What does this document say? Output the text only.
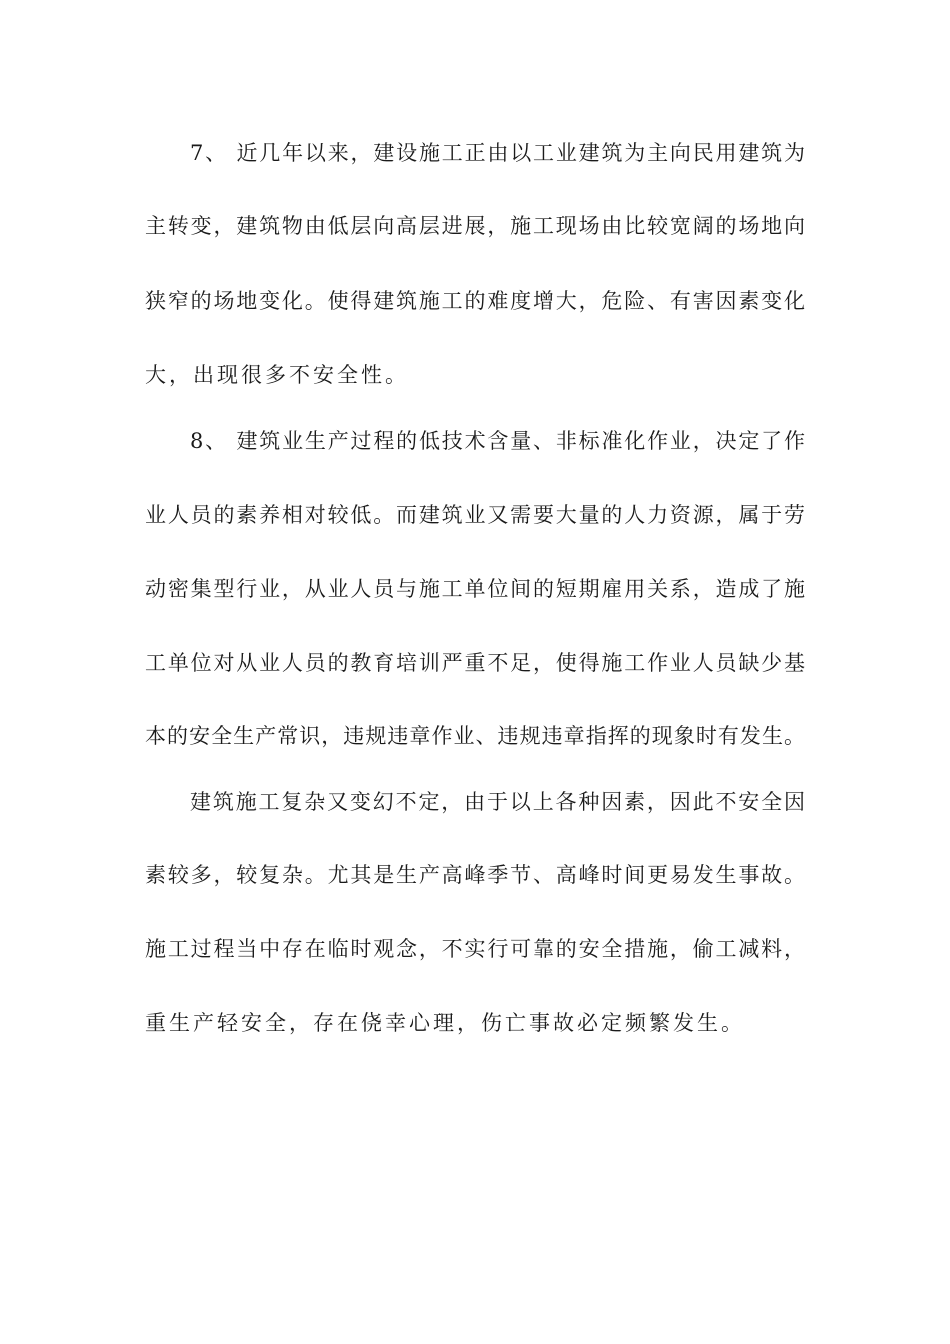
7、 近几年以来，建设施工正由以工业建筑为主向民用建筑为
主转变，建筑物由低层向高层进展，施工现场由比较宽阔的场地向
狭窄的场地变化。使得建筑施工的难度增大，危险、有害因素变化
大，出现很多不安全性。
8、 建筑业生产过程的低技术含量、非标准化作业，决定了作
业人员的素养相对较低。而建筑业又需要大量的人力资源，属于劳
动密集型行业，从业人员与施工单位间的短期雇用关系，造成了施
工单位对从业人员的教育培训严重不足，使得施工作业人员缺少基
本的安全生产常识，违规违章作业、违规违章指挥的现象时有发生。
建筑施工复杂又变幻不定，由于以上各种因素，因此不安全因
素较多，较复杂。尤其是生产高峰季节、高峰时间更易发生事故。
施工过程当中存在临时观念，不实行可靠的安全措施，偷工减料，
重生产轻安全，存在侥幸心理，伤亡事故必定频繁发生。
